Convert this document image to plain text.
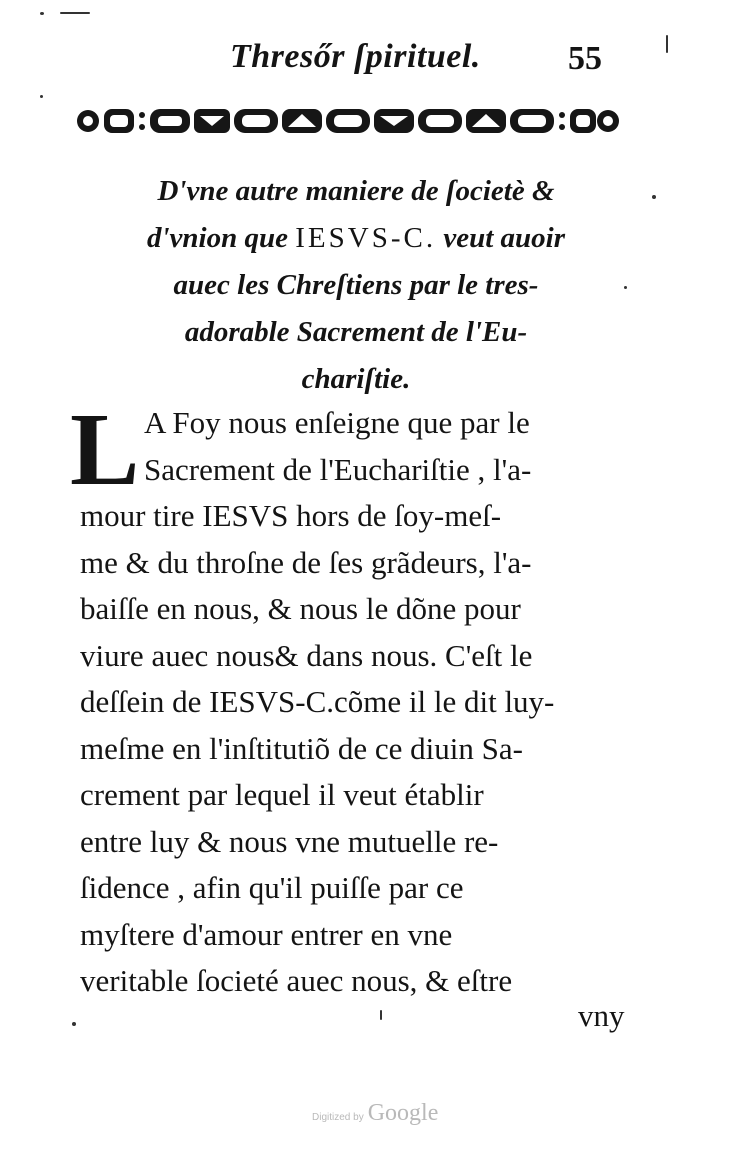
Thresőr ſpirituel.	55
D'vne autre maniere de ſocietè &
d'vnion que IESVS-C. veut auoir
auec les Chreſtiens par le tres-
adorable Sacrement de l'Eu-
chariſtie.
L A Foy nous enſeigne que par le
Sacrement de l'Euchariſtie , l'a-
mour tire IESVS hors de ſoy-meſ-
me & du throſne de ſes grãdeurs, l'a-
baiſſe en nous, & nous le dõne pour
viure auec nous& dans nous. C'eſt le
deſſein de IESVS-C.cõme il le dit luy-
meſme en l'inſtitutiõ de ce diuin Sa-
crement par lequel il veut établir
entre luy & nous vne mutuelle re-
ſidence , afin qu'il puiſſe par ce
myſtere d'amour entrer en vne
veritable ſocieté auec nous, & eſtre
vny
Digitized by Google
